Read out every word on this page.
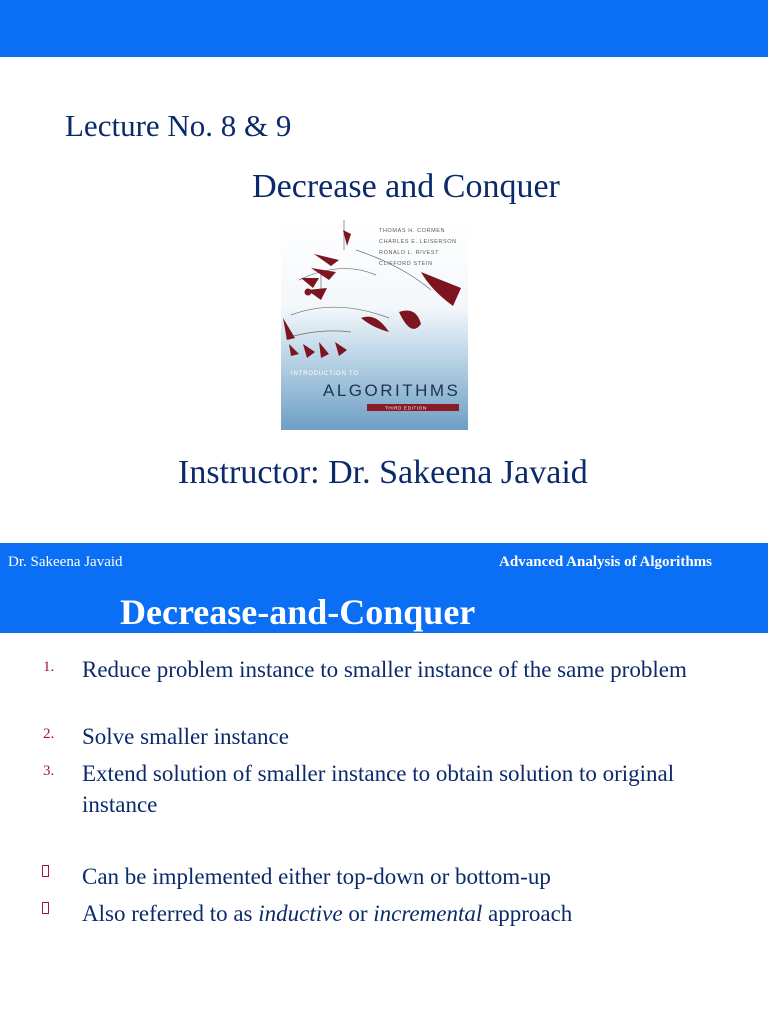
Lecture No. 8 & 9
Decrease and Conquer
THOMAS H. CORMEN
CHARLES E. LEISERSON
RONALD L. RIVEST
CLIFFORD STEIN
INTRODUCTION TO
ALGORITHMS
THIRD EDITION
Instructor: Dr. Sakeena Javaid
Dr. Sakeena Javaid	Advanced Analysis of Algorithms
Decrease-and-Conquer
1. Reduce problem instance to smaller instance of the same problem
2. Solve smaller instance
3. Extend solution of smaller instance to obtain solution to original instance
Can be implemented either top-down or bottom-up
Also referred to as inductive or incremental approach
